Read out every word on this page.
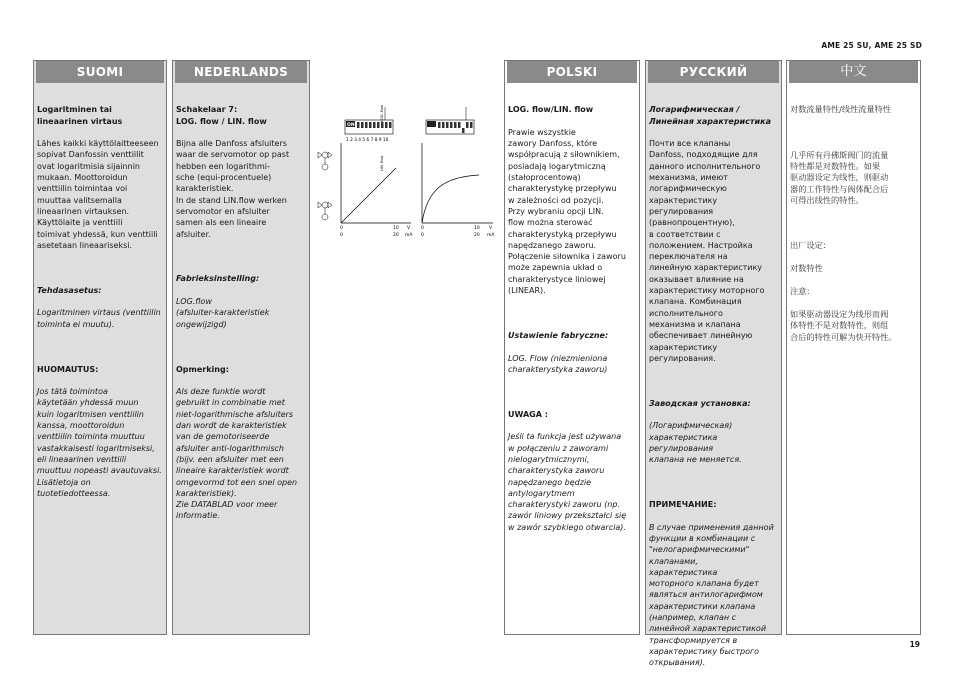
AME 25 SU, AME 25 SD
SUOMI

Logaritminen tai
lineaarinen virtaus

Lähes kaikki käyttölaitteeseen
sopivat Danfossin venttiilit
ovat logaritmisia sijainnin
mukaan. Moottoroidun
venttiilin toimintaa voi
muuttaa valitsemalla
lineaarinen virtauksen.
Käyttölaite ja venttiili
toimivat yhdessä, kun venttiili
asetetaan lineaariseksi.

Tehdasasetus:

Logaritminen virtaus (venttiilin
toiminta ei muutu).

HUOMAUTUS:

Jos tätä toimintoa
käytetään yhdessä muun
kuin logaritmisen venttiilin
kanssa, moottoroidun
venttiilin toiminta muuttuu
vastakkaisesti logaritmiseksi,
eli lineaarinen venttiili
muuttuu nopeasti avautuvaksi.
Lisätietoja on
tuotetiedotteessa.

NEDERLANDS

Schakelaar 7:
LOG. flow / LIN. flow

Bijna alle Danfoss afsluiters
waar de servomotor op past
hebben een logarithmi-
sche (equi-procentuele)
karakteristiek.
In de stand LIN.flow werken
servomotor en afsluiter
samen als een lineaire
afsluiter.

Fabrieksinstelling:

LOG.flow
(afsluiter-karakteristiek
ongewijzigd)

Opmerking:

Als deze funktie wordt
gebruikt in combinatie met
niet-logarithmische afsluiters
dan wordt de karakteristiek
van de gemotoriseerde
afsluiter anti-logarithmisch
(bijv. een afsluiter met een
lineaire karakteristiek wordt
omgevormd tot een snel open
karakteristiek).
Zie DATABLAD voor meer
informatie.

ON
1 2 3 4 5 6 7 8 9 10
LOG. flow
LIN. flow
0	10 V
0	20 mA
0	10 V
0	20 mA
POLSKI

LOG. flow/LIN. flow

Prawie wszystkie
zawory Danfoss, które
współpracują z siłownikiem,
posiadają logarytmiczną
(stałoprocentową)
charakterystykę przepływu
w zależności od pozycji.
Przy wybraniu opcji LIN.
flow można sterować
charakterystyką przepływu
napędzanego zaworu.
Połączenie siłownika i zaworu
może zapewnia układ o
charakterystyce liniowej
(LINEAR).

Ustawienie fabryczne:

LOG. Flow (niezmieniona
charakterystyka zaworu)

UWAGA :

Jeśli ta funkcja jest używana
w połączeniu z zaworami
nielogarytmicznymi,
charakterystyka zaworu
napędzanego będzie
antylogarytmem
charakterystyki zaworu (np.
zawór liniowy przekształci się
w zawór szybkiego otwarcia).

РУССКИЙ

Логарифмическая /
Линейная характеристика

Почти все клапаны
Danfoss, подходящие для
данного исполнительного
механизма, имеют
логарифмическую
характеристику
регулирования
(равнопроцентную),
в соответствии с
положением. Настройка
переключателя на
линейную характеристику
оказывает влияние на
характеристику моторного
клапана. Комбинация
исполнительного
механизма и клапана
обеспечивает линейную
характеристику
регулирования.

Заводская установка:

(Логарифмическая)
характеристика
регулирования
клапана не меняется.

ПРИМЕЧАНИЕ:

В случае применения данной
функции в комбинации с
"нелогарифмическими"
клапанами,
характеристика
моторного клапана будет
являться антилогарифмом
характеристики клапана
(например, клапан с
линейной характеристикой
трансформируется в
характеристику быстрого
открывания).

中文

对数流量特性/线性流量特性

几乎所有丹佛斯阀门的流量
特性都是对数特性。如果
驱动器设定为线性，则驱动
器的工作特性与阀体配合后
可得出线性的特性。

出厂设定：

对数特性

注意：

如果驱动器设定为线形而阀
体特性不是对数特性，则组
合后的特性可解为快开特性。

19
